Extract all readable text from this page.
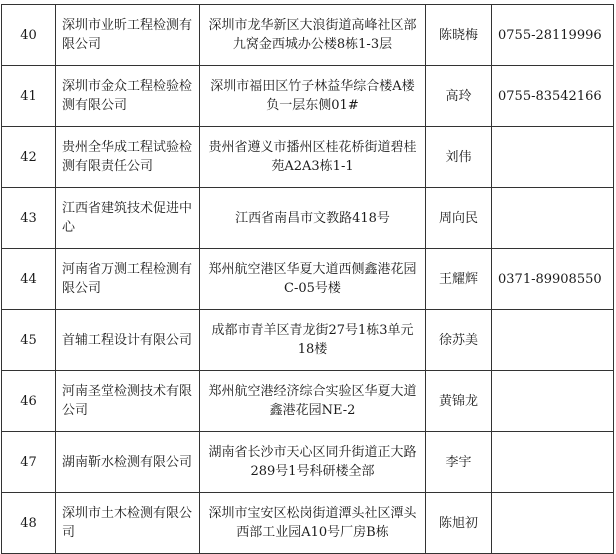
40	深圳市业昕工程检测有限公司	深圳市龙华新区大浪街道高峰社区部九窝金西城办公楼8栋1-3层	陈晓梅	0755-28119996

41	深圳市金众工程检验检测有限公司	深圳市福田区竹子林益华综合楼A楼负一层东侧01#	高玲	0755-83542166

42	贵州全华成工程试验检测有限责任公司	贵州省遵义市播州区桂花桥街道碧桂苑A2A3栋1-1	刘伟	

43	江西省建筑技术促进中心	江西省南昌市文教路418号	周向民	

44	河南省万测工程检测有限公司	郑州航空港区华夏大道西侧鑫港花园C-05号楼	王耀辉	0371-89908550

45	首辅工程设计有限公司	成都市青羊区青龙街27号1栋3单元18楼	徐苏美	

46	河南圣堂检测技术有限公司	郑州航空港经济综合实验区华夏大道鑫港花园NE-2	黄锦龙	

47	湖南靳水检测有限公司	湖南省长沙市天心区同升街道正大路289号1号科研楼全部	李宇	

48	深圳市土木检测有限公司	深圳市宝安区松岗街道潭头社区潭头西部工业园A10号厂房B栋	陈旭初	
